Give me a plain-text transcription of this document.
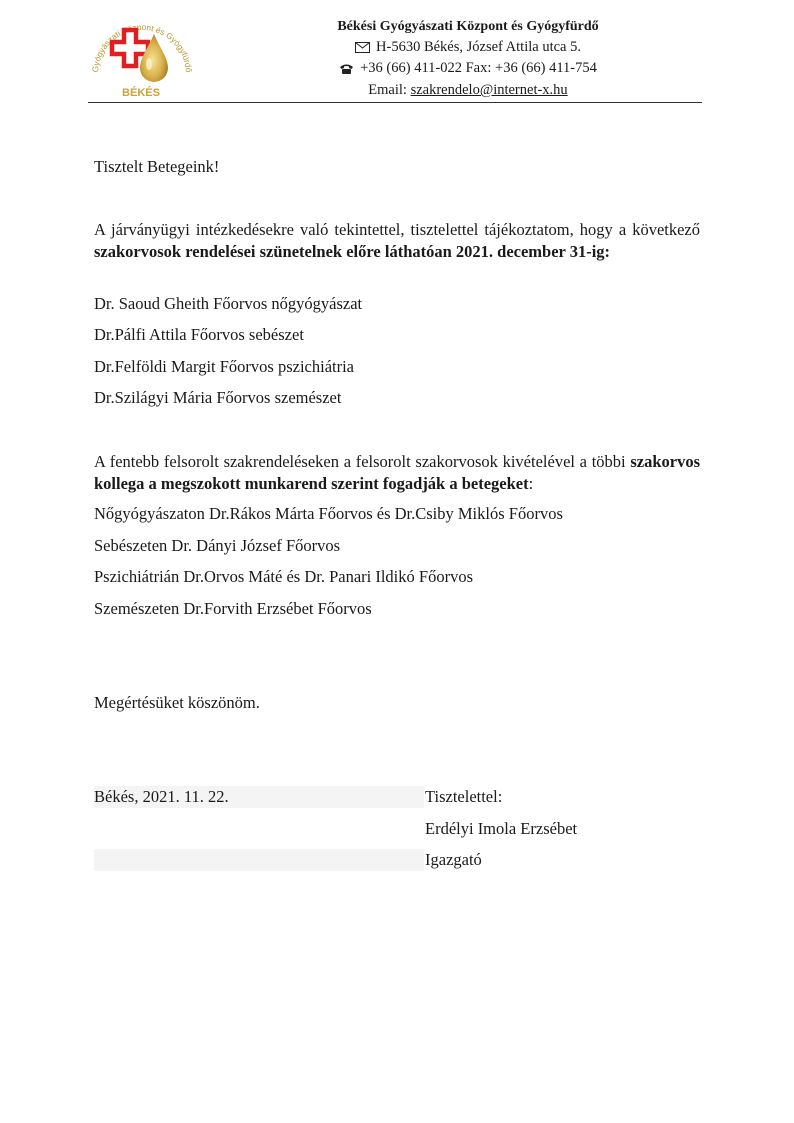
Gyógyászati Központ és Gyógyfürdő
BÉKÉS
Békési Gyógyászati Központ és Gyógyfürdő
H-5630 Békés, József Attila utca 5.
+36 (66) 411-022 Fax: +36 (66) 411-754
Email: szakrendelo@internet-x.hu
Tisztelt Betegeink!
A járványügyi intézkedésekre való tekintettel, tisztelettel tájékoztatom, hogy a következő szakorvosok rendelései szünetelnek előre láthatóan 2021. december 31-ig:
Dr. Saoud Gheith Főorvos nőgyógyászat
Dr.Pálfi Attila Főorvos sebészet
Dr.Felföldi Margit Főorvos pszichiátria
Dr.Szilágyi Mária Főorvos szemészet
A fentebb felsorolt szakrendeléseken a felsorolt szakorvosok kivételével a többi szakorvos kollega a megszokott munkarend szerint fogadják a betegeket:
Nőgyógyászaton Dr.Rákos Márta Főorvos és Dr.Csiby Miklós Főorvos
Sebészeten Dr. Dányi József Főorvos
Pszichiátrián Dr.Orvos Máté és Dr. Panari Ildikó Főorvos
Szemészeten Dr.Forvith Erzsébet Főorvos
Megértésüket köszönöm.
Békés, 2021. 11. 22.	Tisztelettel:
Erdélyi Imola Erzsébet
Igazgató
